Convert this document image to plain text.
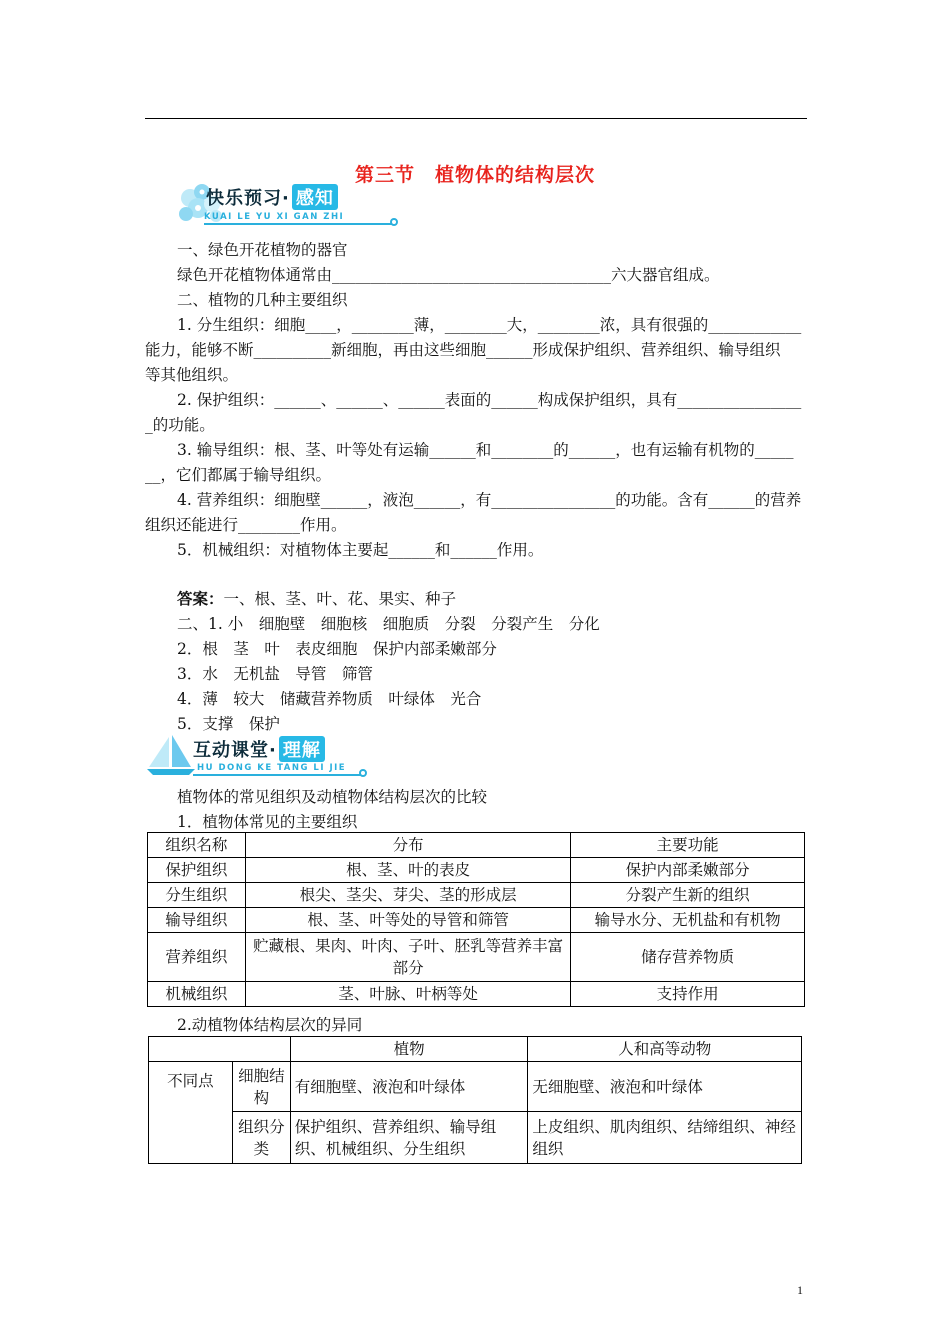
第三节　植物体的结构层次
快乐预习· 感知
KUAI LE YU XI GAN ZHI
一、绿色开花植物的器官
绿色开花植物体通常由____________________________________六大器官组成。
二、植物的几种主要组织
1. 分生组织：细胞____，________薄，________大，________浓，具有很强的____________
能力，能够不断__________新细胞，再由这些细胞______形成保护组织、营养组织、输导组织
等其他组织。
2. 保护组织：______、______、______表面的______构成保护组织，具有________________
_的功能。
3. 输导组织：根、茎、叶等处有运输______和________的______，也有运输有机物的_____
__，它们都属于输导组织。
4. 营养组织：细胞壁______，液泡______，有________________的功能。含有______的营养
组织还能进行________作用。
5．机械组织：对植物体主要起______和______作用。
答案：一、根、茎、叶、花、果实、种子
二、1. 小　细胞壁　细胞核　细胞质　分裂　分裂产生　分化
2．根　茎　叶　表皮细胞　保护内部柔嫩部分
3．水　无机盐　导管　筛管
4．薄　较大　储藏营养物质　叶绿体　光合
5．支撑　保护
互动课堂· 理解
HU DONG KE TANG LI JIE
植物体的常见组织及动植物体结构层次的比较
1．植物体常见的主要组织
组织名称	分布	主要功能
保护组织	根、茎、叶的表皮	保护内部柔嫩部分
分生组织	根尖、茎尖、芽尖、茎的形成层	分裂产生新的组织
输导组织	根、茎、叶等处的导管和筛管	输导水分、无机盐和有机物
营养组织	贮藏根、果肉、叶肉、子叶、胚乳等营养丰富部分	储存营养物质
机械组织	茎、叶脉、叶柄等处	支持作用
2.动植物体结构层次的异同
		植物	人和高等动物
不同点	细胞结构	有细胞壁、液泡和叶绿体	无细胞壁、液泡和叶绿体
	组织分类	保护组织、营养组织、输导组织、机械组织、分生组织	上皮组织、肌肉组织、结缔组织、神经组织
1
